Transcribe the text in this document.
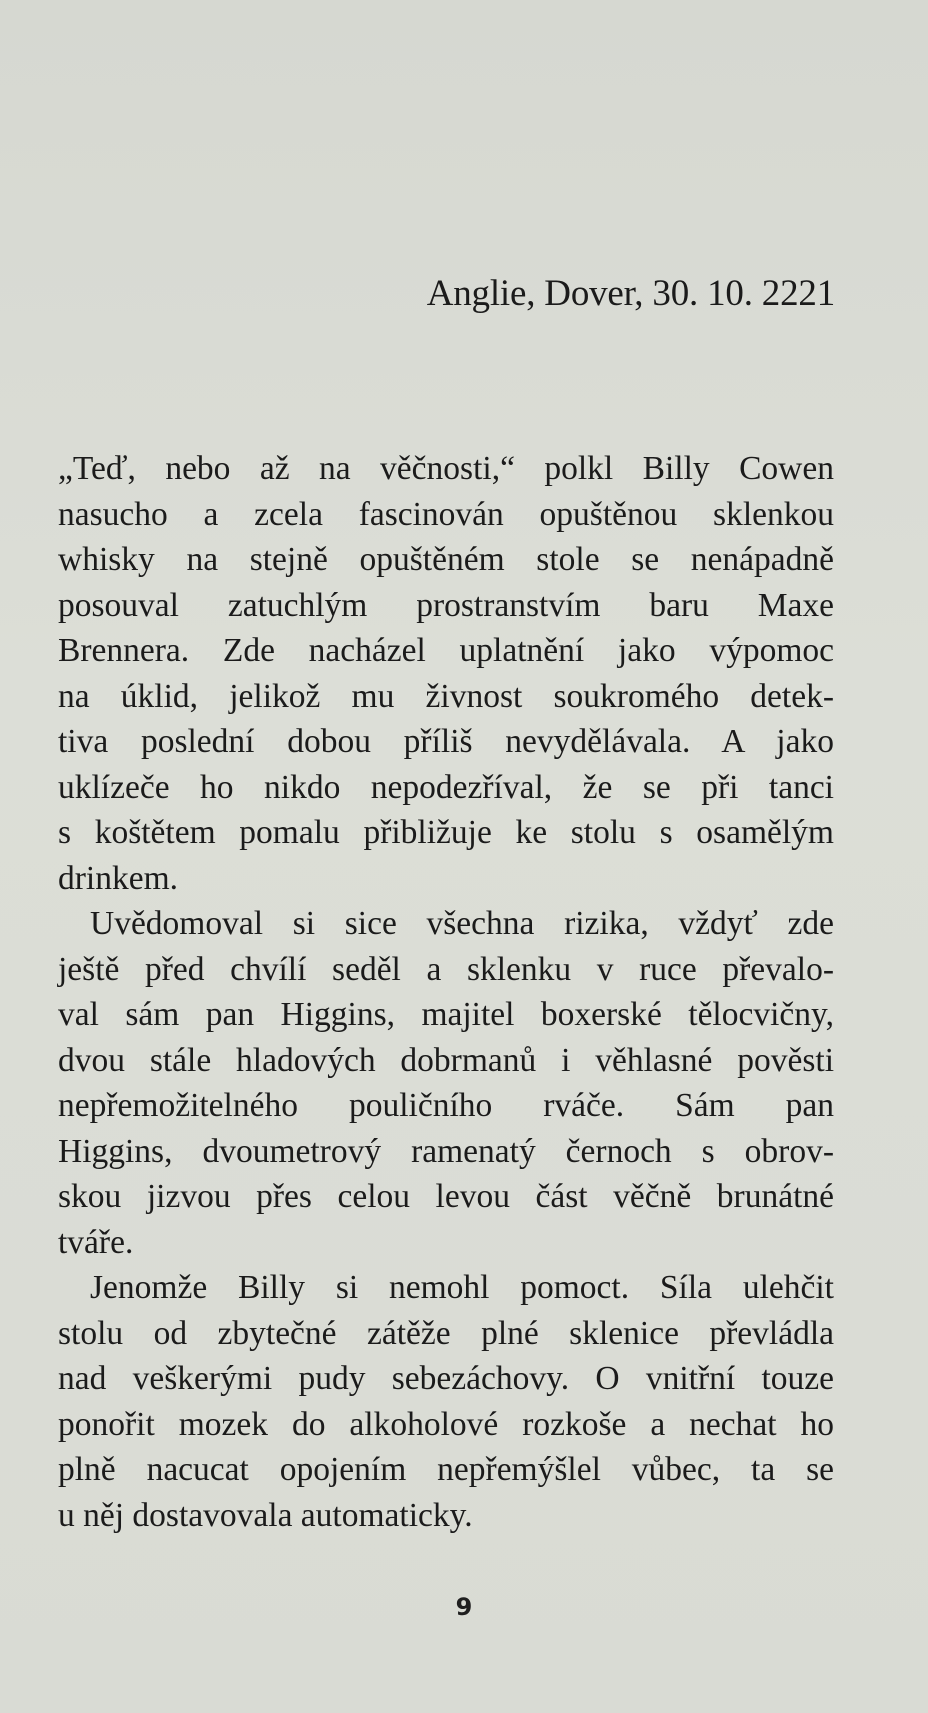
Anglie, Dover, 30. 10. 2221
„Teď, nebo až na věčnosti,“ polkl Billy Cowen
nasucho a zcela fascinován opuštěnou sklenkou
whisky na stejně opuštěném stole se nenápadně
posouval zatuchlým prostranstvím baru Maxe
Brennera. Zde nacházel uplatnění jako výpomoc
na úklid, jelikož mu živnost soukromého detek-
tiva poslední dobou příliš nevydělávala. A jako
uklízeče ho nikdo nepodezříval, že se při tanci
s koštětem pomalu přibližuje ke stolu s osamělým
drinkem.
Uvědomoval si sice všechna rizika, vždyť zde
ještě před chvílí seděl a sklenku v ruce převalo-
val sám pan Higgins, majitel boxerské tělocvičny,
dvou stále hladových dobrmanů i věhlasné pověsti
nepřemožitelného pouličního rváče. Sám pan
Higgins, dvoumetrový ramenatý černoch s obrov-
skou jizvou přes celou levou část věčně brunátné
tváře.
Jenomže Billy si nemohl pomoct. Síla ulehčit
stolu od zbytečné zátěže plné sklenice převládla
nad veškerými pudy sebezáchovy. O vnitřní touze
ponořit mozek do alkoholové rozkoše a nechat ho
plně nacucat opojením nepřemýšlel vůbec, ta se
u něj dostavovala automaticky.
9
